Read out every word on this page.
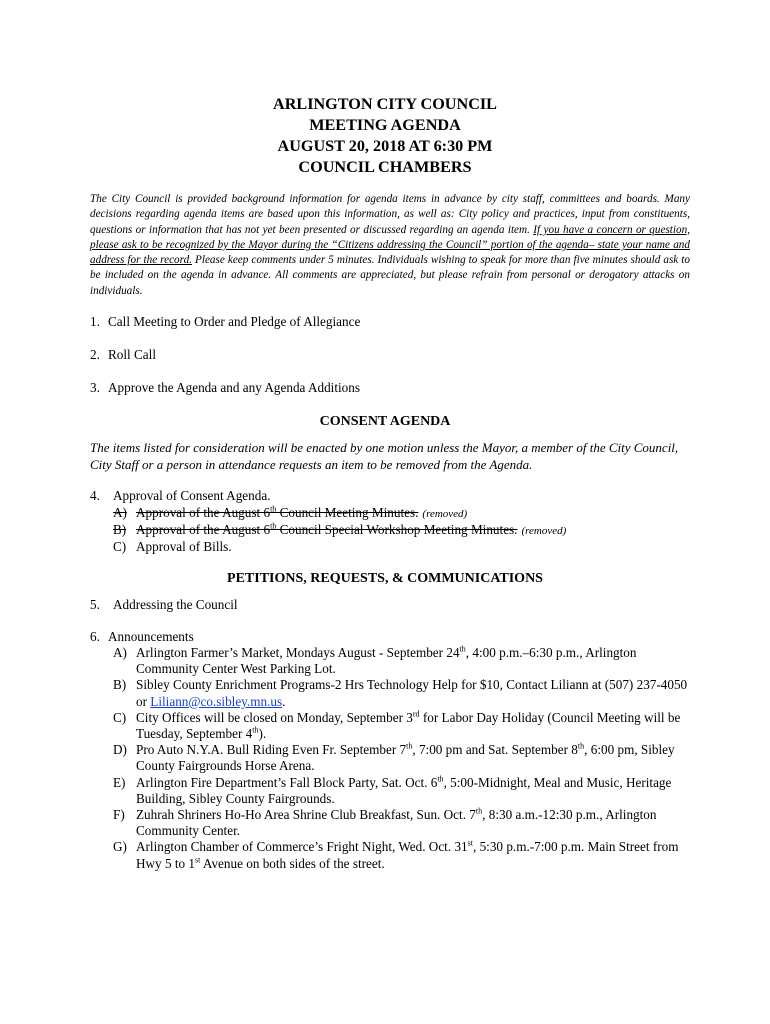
ARLINGTON CITY COUNCIL
MEETING AGENDA
AUGUST 20, 2018 AT 6:30 PM
COUNCIL CHAMBERS
The City Council is provided background information for agenda items in advance by city staff, committees and boards. Many decisions regarding agenda items are based upon this information, as well as: City policy and practices, input from constituents, questions or information that has not yet been presented or discussed regarding an agenda item. If you have a concern or question, please ask to be recognized by the Mayor during the “Citizens addressing the Council” portion of the agenda– state your name and address for the record. Please keep comments under 5 minutes. Individuals wishing to speak for more than five minutes should ask to be included on the agenda in advance. All comments are appreciated, but please refrain from personal or derogatory attacks on individuals.
1. Call Meeting to Order and Pledge of Allegiance
2. Roll Call
3. Approve the Agenda and any Agenda Additions
CONSENT AGENDA
The items listed for consideration will be enacted by one motion unless the Mayor, a member of the City Council, City Staff or a person in attendance requests an item to be removed from the Agenda.
4. Approval of Consent Agenda.
A) Approval of the August 6th Council Meeting Minutes. (removed)
B) Approval of the August 6th Council Special Workshop Meeting Minutes. (removed)
C) Approval of Bills.
PETITIONS, REQUESTS, & COMMUNICATIONS
5. Addressing the Council
6. Announcements
A) Arlington Farmer’s Market, Mondays August - September 24th, 4:00 p.m.–6:30 p.m., Arlington Community Center West Parking Lot.
B) Sibley County Enrichment Programs-2 Hrs Technology Help for $10, Contact Liliann at (507) 237-4050 or Liliann@co.sibley.mn.us.
C) City Offices will be closed on Monday, September 3rd for Labor Day Holiday (Council Meeting will be Tuesday, September 4th).
D) Pro Auto N.Y.A. Bull Riding Even Fr. September 7th, 7:00 pm and Sat. September 8th, 6:00 pm, Sibley County Fairgrounds Horse Arena.
E) Arlington Fire Department’s Fall Block Party, Sat. Oct. 6th, 5:00-Midnight, Meal and Music, Heritage Building, Sibley County Fairgrounds.
F) Zuhrah Shriners Ho-Ho Area Shrine Club Breakfast, Sun. Oct. 7th, 8:30 a.m.-12:30 p.m., Arlington Community Center.
G) Arlington Chamber of Commerce’s Fright Night, Wed. Oct. 31st, 5:30 p.m.-7:00 p.m. Main Street from Hwy 5 to 1st Avenue on both sides of the street.
